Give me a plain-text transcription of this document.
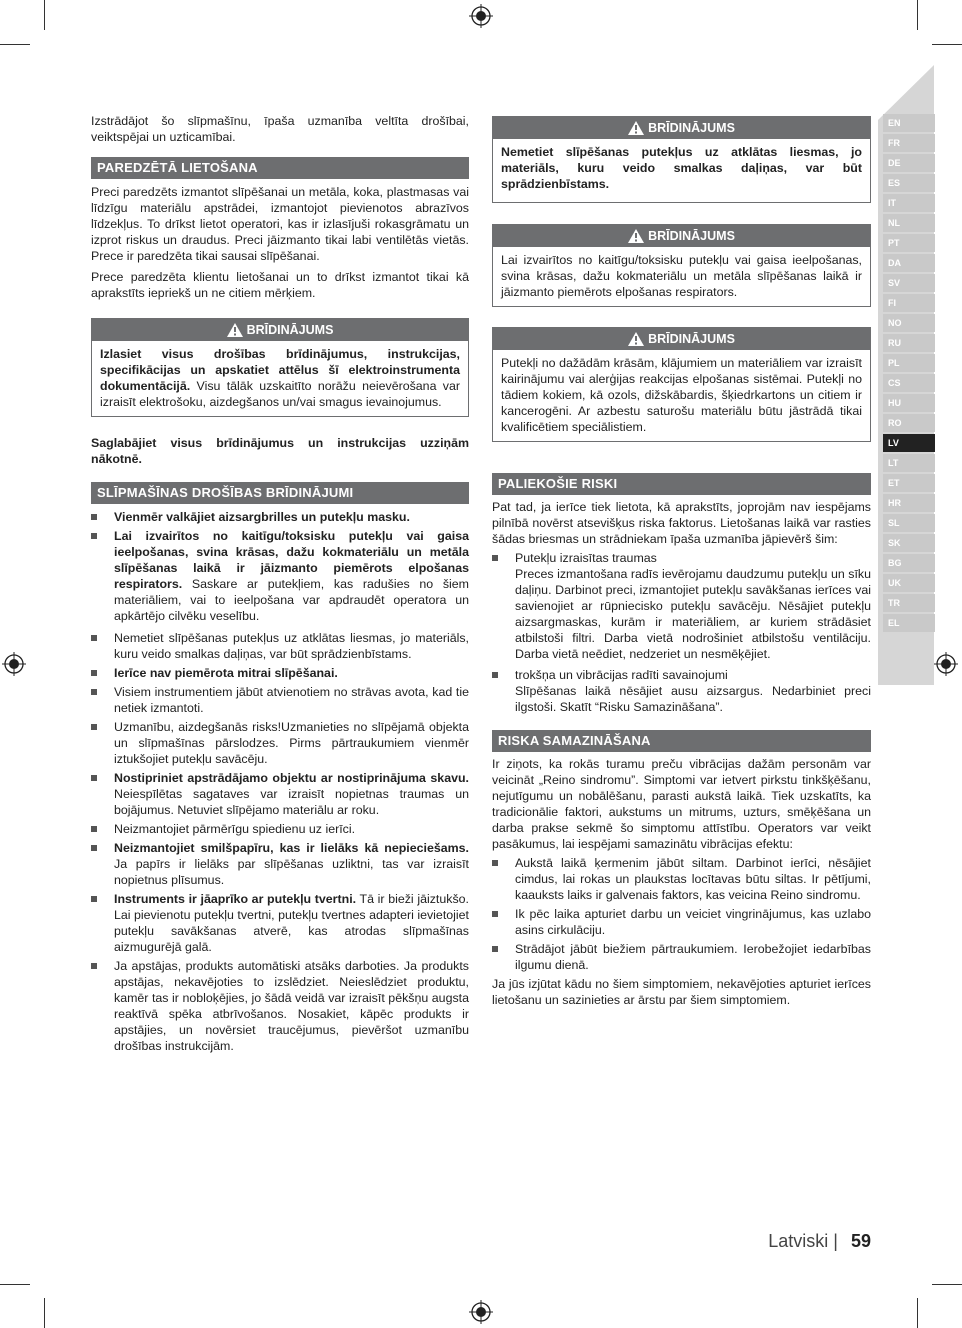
Izstrādājot šo slīpmašīnu, īpaša uzmanība veltīta drošībai, veiktspējai un uzticamībai.

PAREDZĒTĀ LIETOŠANA

Preci paredzēts izmantot slīpēšanai un metāla, koka, plastmasas vai līdzīgu materiālu apstrādei, izmantojot pievienotos abrazīvos līdzekļus. To drīkst lietot operatori, kas ir izlasījuši rokasgrāmatu un izprot riskus un draudus. Preci jāizmanto tikai labi ventilētās vietās. Prece ir paredzēta tikai sausai slīpēšanai.

Prece paredzēta klientu lietošanai un to drīkst izmantot tikai kā aprakstīts iepriekš un ne citiem mērķiem.

BRĪDINĀJUMS

Izlasiet visus drošības brīdinājumus, instrukcijas, specifikācijas un apskatiet attēlus šī elektroinstrumenta dokumentācijā. Visu tālāk uzskaitīto norāžu neievērošana var izraisīt elektrošoku, aizdegšanos un/vai smagus ievainojumus.

Saglabājiet visus brīdinājumus un instrukcijas uzziņām nākotnē.

SLĪPMAŠĪNAS DROŠĪBAS BRĪDINĀJUMI
Vienmēr valkājiet aizsargbrilles un putekļu masku.
Lai izvairītos no kaitīgu/toksisku putekļu vai gaisa ieelpošanas, svina krāsas, dažu kokmateriālu un metāla slīpēšanas laikā ir jāizmanto piemērots elpošanas respirators. Saskare ar putekļiem, kas radušies no šiem materiāliem, vai to ieelpošana var apdraudēt operatora un apkārtējo cilvēku veselību.
Nemetiet slīpēšanas putekļus uz atklātas liesmas, jo materiāls, kuru veido smalkas daļiņas, var būt sprādzienbīstams.
Ierīce nav piemērota mitrai slīpēšanai.
Visiem instrumentiem jābūt atvienotiem no strāvas avota, kad tie netiek izmantoti.
Uzmanību, aizdegšanās risks!Uzmanieties no slīpējamā objekta un slīpmašīnas pārslodzes. Pirms pārtraukumiem vienmēr iztukšojiet putekļu savācēju.
Nostipriniet apstrādājamo objektu ar nostiprinājuma skavu. Neiespīlētas sagataves var izraisīt nopietnas traumas un bojājumus. Netuviet slīpējamo materiālu ar roku.
Neizmantojiet pārmērīgu spiedienu uz ierīci.
Neizmantojiet smilšpapīru, kas ir lielāks kā nepieciešams. Ja papīrs ir lielāks par slīpēšanas uzliktni, tas var izraisīt nopietnus plīsumus.
Instruments ir jāaprīko ar putekļu tvertni. Tā ir bieži jāiztukšo. Lai pievienotu putekļu tvertni, putekļu tvertnes adapteri ievietojiet putekļu savākšanas atverē, kas atrodas slīpmašīnas aizmugurējā galā.
Ja apstājas, produkts automātiski atsāks darboties. Ja produkts apstājas, nekavējoties to izslēdziet. Neieslēdziet produktu, kamēr tas ir nobloķējies, jo šādā veidā var izraisīt pēkšņu augsta reaktīvā spēka atbrīvošanos. Nosakiet, kāpēc produkts ir apstājies, un novērsiet traucējumus, pievēršot uzmanību drošības instrukcijām.
BRĪDINĀJUMS

Nemetiet slīpēšanas putekļus uz atklātas liesmas, jo materiāls, kuru veido smalkas daļiņas, var būt sprādzienbīstams.

BRĪDINĀJUMS

Lai izvairītos no kaitīgu/toksisku putekļu vai gaisa ieelpošanas, svina krāsas, dažu kokmateriālu un metāla slīpēšanas laikā ir jāizmanto piemērots elpošanas respirators.

BRĪDINĀJUMS

Putekļi no dažādām krāsām, klājumiem un materiāliem var izraisīt kairinājumu vai alerģijas reakcijas elpošanas sistēmai. Putekļi no tādiem kokiem, kā ozols, dižskābardis, šķiedrkartons un citiem ir kancerogēni. Ar azbestu saturošu materiālu būtu jāstrādā tikai kvalificētiem speciālistiem.

PALIEKOŠIE RISKI

Pat tad, ja ierīce tiek lietota, kā aprakstīts, joprojām nav iespējams pilnībā novērst atsevišķus riska faktorus. Lietošanas laikā var rasties šādas briesmas un strādniekam īpaša uzmanība jāpievērš šim:

Putekļu izraisītas traumas
Preces izmantošana radīs ievērojamu daudzumu putekļu un sīku daļiņu. Darbinot preci, izmantojiet putekļu savākšanas ierīces vai savienojiet ar rūpnieciskо putekļu savācēju. Nēsājiet putekļu aizsargmaskas, kurām ir materiāliem, ar kuriem strādāsiet atbilstoši filtri. Darba vietā nodrošiniet atbilstošu ventilāciju. Darba vietā neēdiet, nedzeriet un nesmēķējiet.
trokšņa un vibrācijas radīti savainojumi
Slīpēšanas laikā nēsājiet ausu aizsargus. Nedarbiniet preci ilgstoši. Skatīt “Risku Samazināšana”.
RISKA SAMAZINĀŠANA

Ir ziņots, ka rokās turamu preču vibrācijas dažām personām var veicināt „Reino sindromu”. Simptomi var ietvert pirkstu tinkšķēšanu, nejutīgumu un nobālēšanu, parasti aukstā laikā. Tiek uzskatīts, ka tradicionālie faktori, aukstums un mitrums, uzturs, smēķēšana un darba prakse sekmē šo simptomu attīstību. Operators var veikt pasākumus, lai iespējami samazinātu vibrācijas efektu:

Aukstā laikā ķermenim jābūt siltam. Darbinot ierīci, nēsājiet cimdus, lai rokas un plaukstas locītavas būtu siltas. Ir pētījumi, kaauksts laiks ir galvenais faktors, kas veicina Reino sindromu.
Ik pēc laika apturiet darbu un veiciet vingrinājumus, kas uzlabo asins cirkulāciju.
Strādājot jābūt biežiem pārtraukumiem. Ierobežojiet iedarbības ilgumu dienā.

Ja jūs izjūtat kādu no šiem simptomiem, nekavējoties apturiet ierīces lietošanu un sazinieties ar ārstu par šiem simptomiem.

EN
FR
DE
ES
IT
NL
PT
DA
SV
FI
NO
RU
PL
CS
HU
RO
LV
LT
ET
HR
SL
SK
BG
UK
TR
EL
Latviski | 59
